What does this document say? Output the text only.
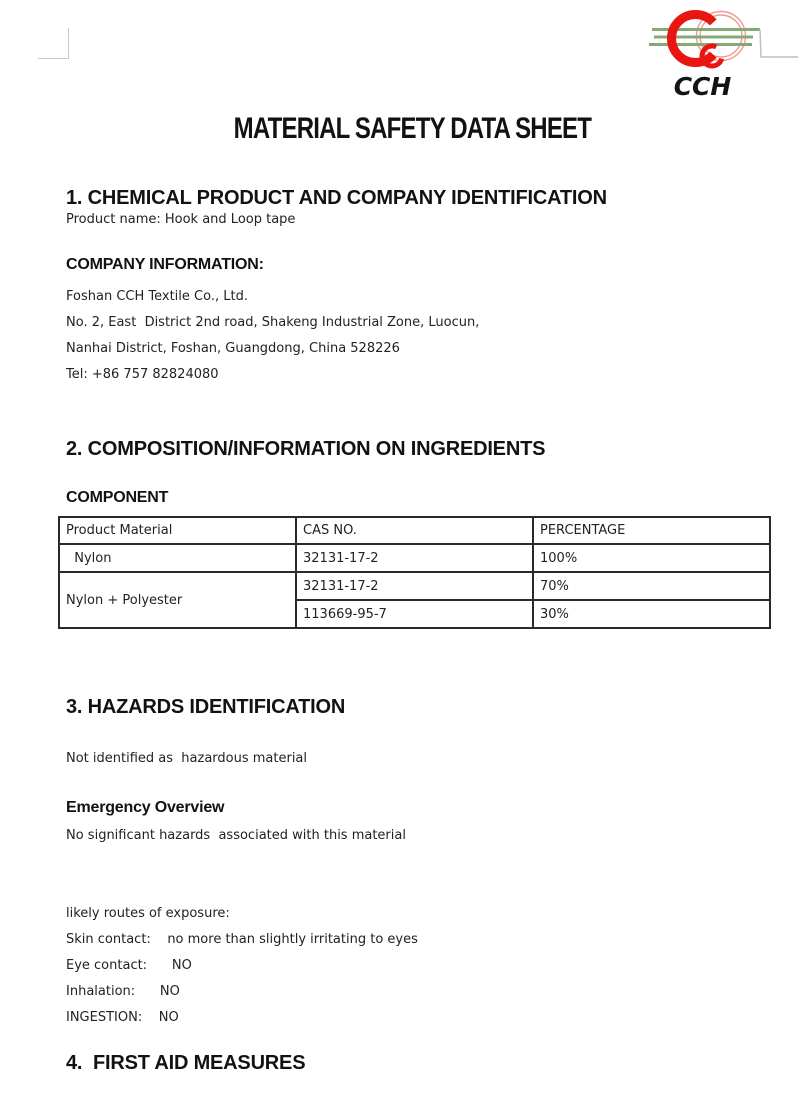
CCH
MATERIAL SAFETY DATA SHEET
1. CHEMICAL PRODUCT AND COMPANY IDENTIFICATION
Product name: Hook and Loop tape
COMPANY INFORMATION:
Foshan CCH Textile Co., Ltd.
No. 2, East  District 2nd road, Shakeng Industrial Zone, Luocun,
Nanhai District, Foshan, Guangdong, China 528226
Tel: +86 757 82824080
2. COMPOSITION/INFORMATION ON INGREDIENTS
COMPONENT
Product Material	CAS NO.	PERCENTAGE
Nylon	32131-17-2	100%
Nylon + Polyester	32131-17-2	70%
	113669-95-7	30%
3. HAZARDS IDENTIFICATION
Not identified as  hazardous material
Emergency Overview
No significant hazards  associated with this material
likely routes of exposure:
Skin contact:    no more than slightly irritating to eyes
Eye contact:      NO
Inhalation:      NO
INGESTION:    NO
4.  FIRST AID MEASURES
